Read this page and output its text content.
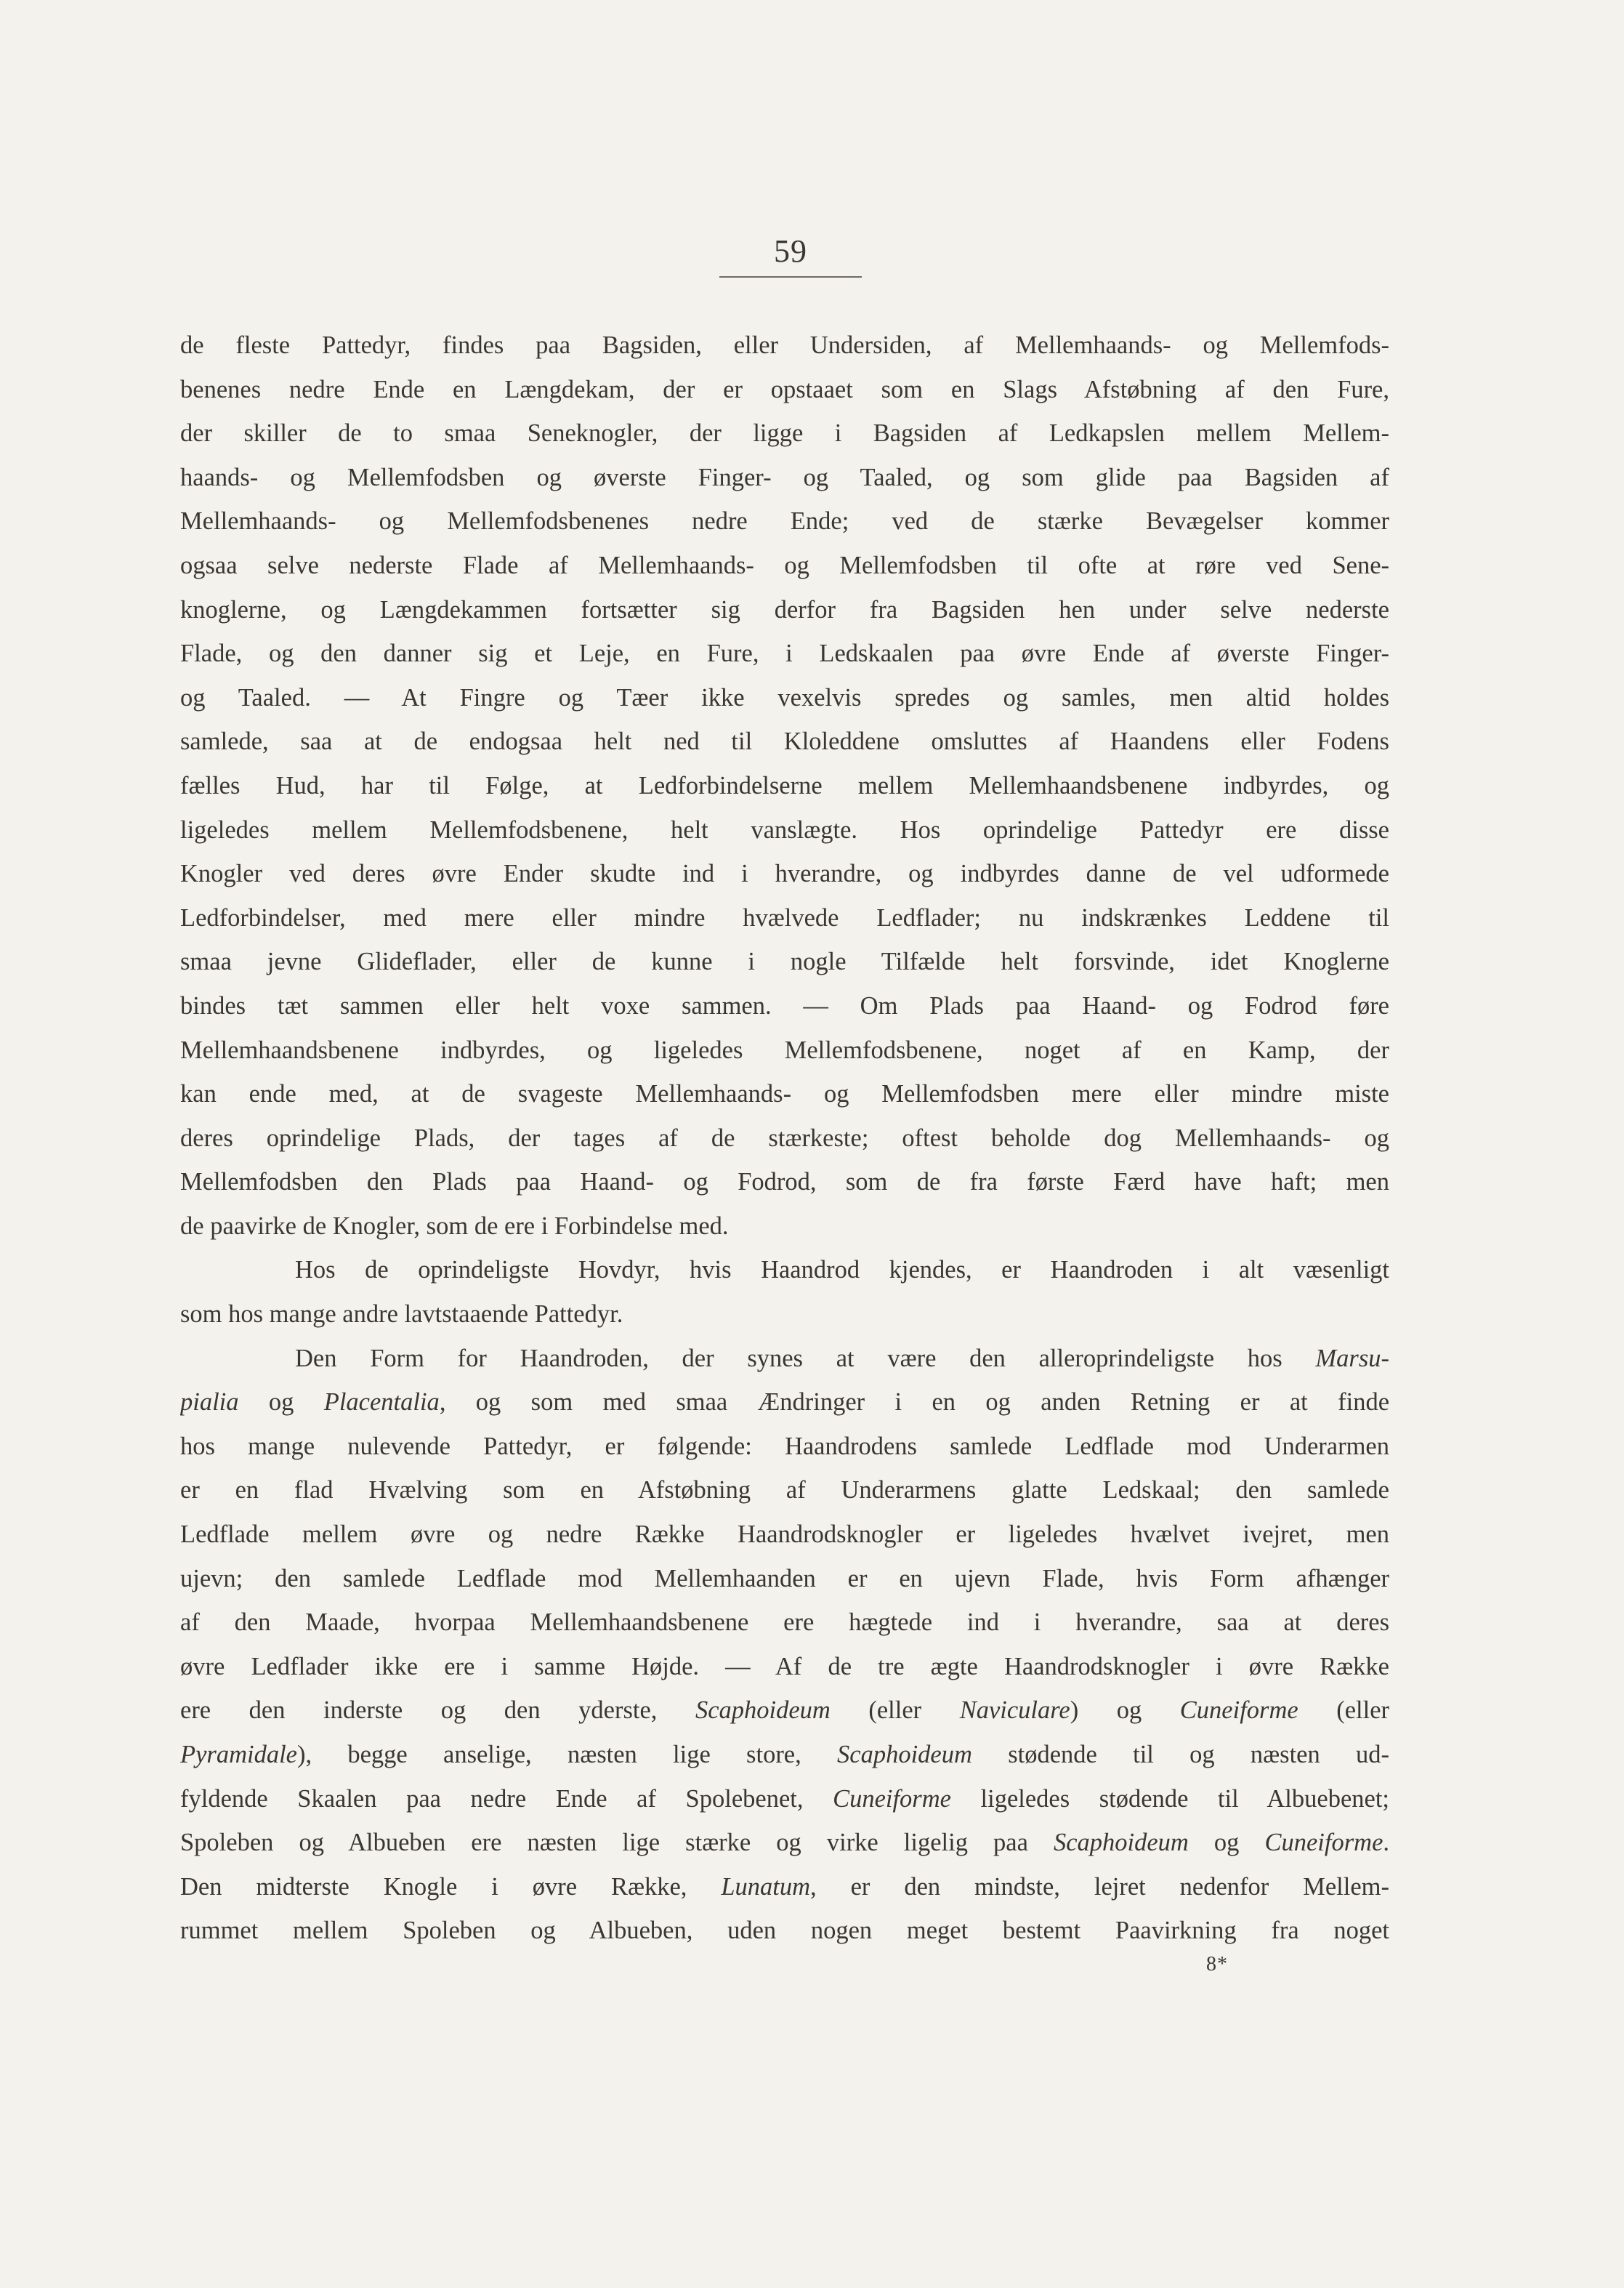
59
de fleste Pattedyr, findes paa Bagsiden, eller Undersiden, af Mellemhaands- og Mellemfods-
benenes nedre Ende en Længdekam, der er opstaaet som en Slags Afstøbning af den Fure,
der skiller de to smaa Seneknogler, der ligge i Bagsiden af Ledkapslen mellem Mellem-
haands- og Mellemfodsben og øverste Finger- og Taaled, og som glide paa Bagsiden af
Mellemhaands- og Mellemfodsbenenes nedre Ende; ved de stærke Bevægelser kommer
ogsaa selve nederste Flade af Mellemhaands- og Mellemfodsben til ofte at røre ved Sene-
knoglerne, og Længdekammen fortsætter sig derfor fra Bagsiden hen under selve nederste
Flade, og den danner sig et Leje, en Fure, i Ledskaalen paa øvre Ende af øverste Finger-
og Taaled. — At Fingre og Tæer ikke vexelvis spredes og samles, men altid holdes
samlede, saa at de endogsaa helt ned til Kloleddene omsluttes af Haandens eller Fodens
fælles Hud, har til Følge, at Ledforbindelserne mellem Mellemhaandsbenene indbyrdes, og
ligeledes mellem Mellemfodsbenene, helt vanslægte. Hos oprindelige Pattedyr ere disse
Knogler ved deres øvre Ender skudte ind i hverandre, og indbyrdes danne de vel udformede
Ledforbindelser, med mere eller mindre hvælvede Ledflader; nu indskrænkes Leddene til
smaa jevne Glideflader, eller de kunne i nogle Tilfælde helt forsvinde, idet Knoglerne
bindes tæt sammen eller helt voxe sammen. — Om Plads paa Haand- og Fodrod føre
Mellemhaandsbenene indbyrdes, og ligeledes Mellemfodsbenene, noget af en Kamp, der
kan ende med, at de svageste Mellemhaands- og Mellemfodsben mere eller mindre miste
deres oprindelige Plads, der tages af de stærkeste; oftest beholde dog Mellemhaands- og
Mellemfodsben den Plads paa Haand- og Fodrod, som de fra første Færd have haft; men
de paavirke de Knogler, som de ere i Forbindelse med.
Hos de oprindeligste Hovdyr, hvis Haandrod kjendes, er Haandroden i alt væsenligt
som hos mange andre lavtstaaende Pattedyr.
Den Form for Haandroden, der synes at være den alleroprindeligste hos Marsu-
pialia og Placentalia, og som med smaa Ændringer i en og anden Retning er at finde
hos mange nulevende Pattedyr, er følgende: Haandrodens samlede Ledflade mod Underarmen
er en flad Hvælving som en Afstøbning af Underarmens glatte Ledskaal; den samlede
Ledflade mellem øvre og nedre Række Haandrodsknogler er ligeledes hvælvet ivejret, men
ujevn; den samlede Ledflade mod Mellemhaanden er en ujevn Flade, hvis Form afhænger
af den Maade, hvorpaa Mellemhaandsbenene ere hægtede ind i hverandre, saa at deres
øvre Ledflader ikke ere i samme Højde. — Af de tre ægte Haandrodsknogler i øvre Række
ere den inderste og den yderste, Scaphoideum (eller Naviculare) og Cuneiforme (eller
Pyramidale), begge anselige, næsten lige store, Scaphoideum stødende til og næsten ud-
fyldende Skaalen paa nedre Ende af Spolebenet, Cuneiforme ligeledes stødende til Albuebenet;
Spoleben og Albueben ere næsten lige stærke og virke ligelig paa Scaphoideum og Cuneiforme.
Den midterste Knogle i øvre Række, Lunatum, er den mindste, lejret nedenfor Mellem-
rummet mellem Spoleben og Albueben, uden nogen meget bestemt Paavirkning fra noget
8*
